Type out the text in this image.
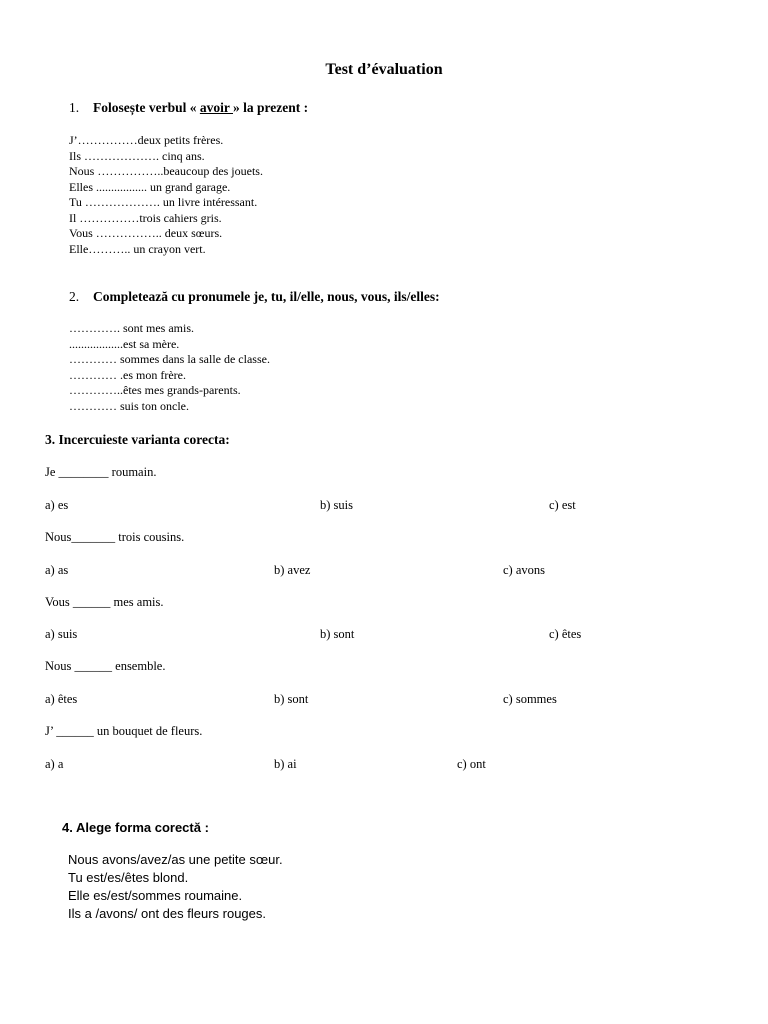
Test d’évaluation
1. Folosește verbul « avoir » la prezent :
J’……………deux petits frères.
Ils ………………. cinq ans.
Nous ……………..beaucoup des jouets.
Elles ................. un grand garage.
Tu ………………. un livre intéressant.
Il ……………trois cahiers gris.
Vous …………….. deux sœurs.
Elle……….. un crayon vert.
2. Completează cu pronumele je, tu, il/elle, nous, vous, ils/elles:
…………. sont mes amis.
..................est sa mère.
………… sommes dans la salle de classe.
………… .es mon frère.
…………..êtes mes grands-parents.
………… suis ton oncle.
3. Incercuieste varianta corecta:
Je ________ roumain.
a) es	b) suis	c) est
Nous_______ trois cousins.
a) as	b) avez	c) avons
Vous ______ mes amis.
a) suis	b) sont	c) êtes
Nous ______ ensemble.
a) êtes	b) sont	c) sommes
J’ ______ un bouquet de fleurs.
a) a	b) ai	c) ont
4. Alege forma corectă :
Nous avons/avez/as une petite sœur.
Tu est/es/êtes blond.
Elle es/est/sommes roumaine.
Ils a /avons/ ont des fleurs rouges.
